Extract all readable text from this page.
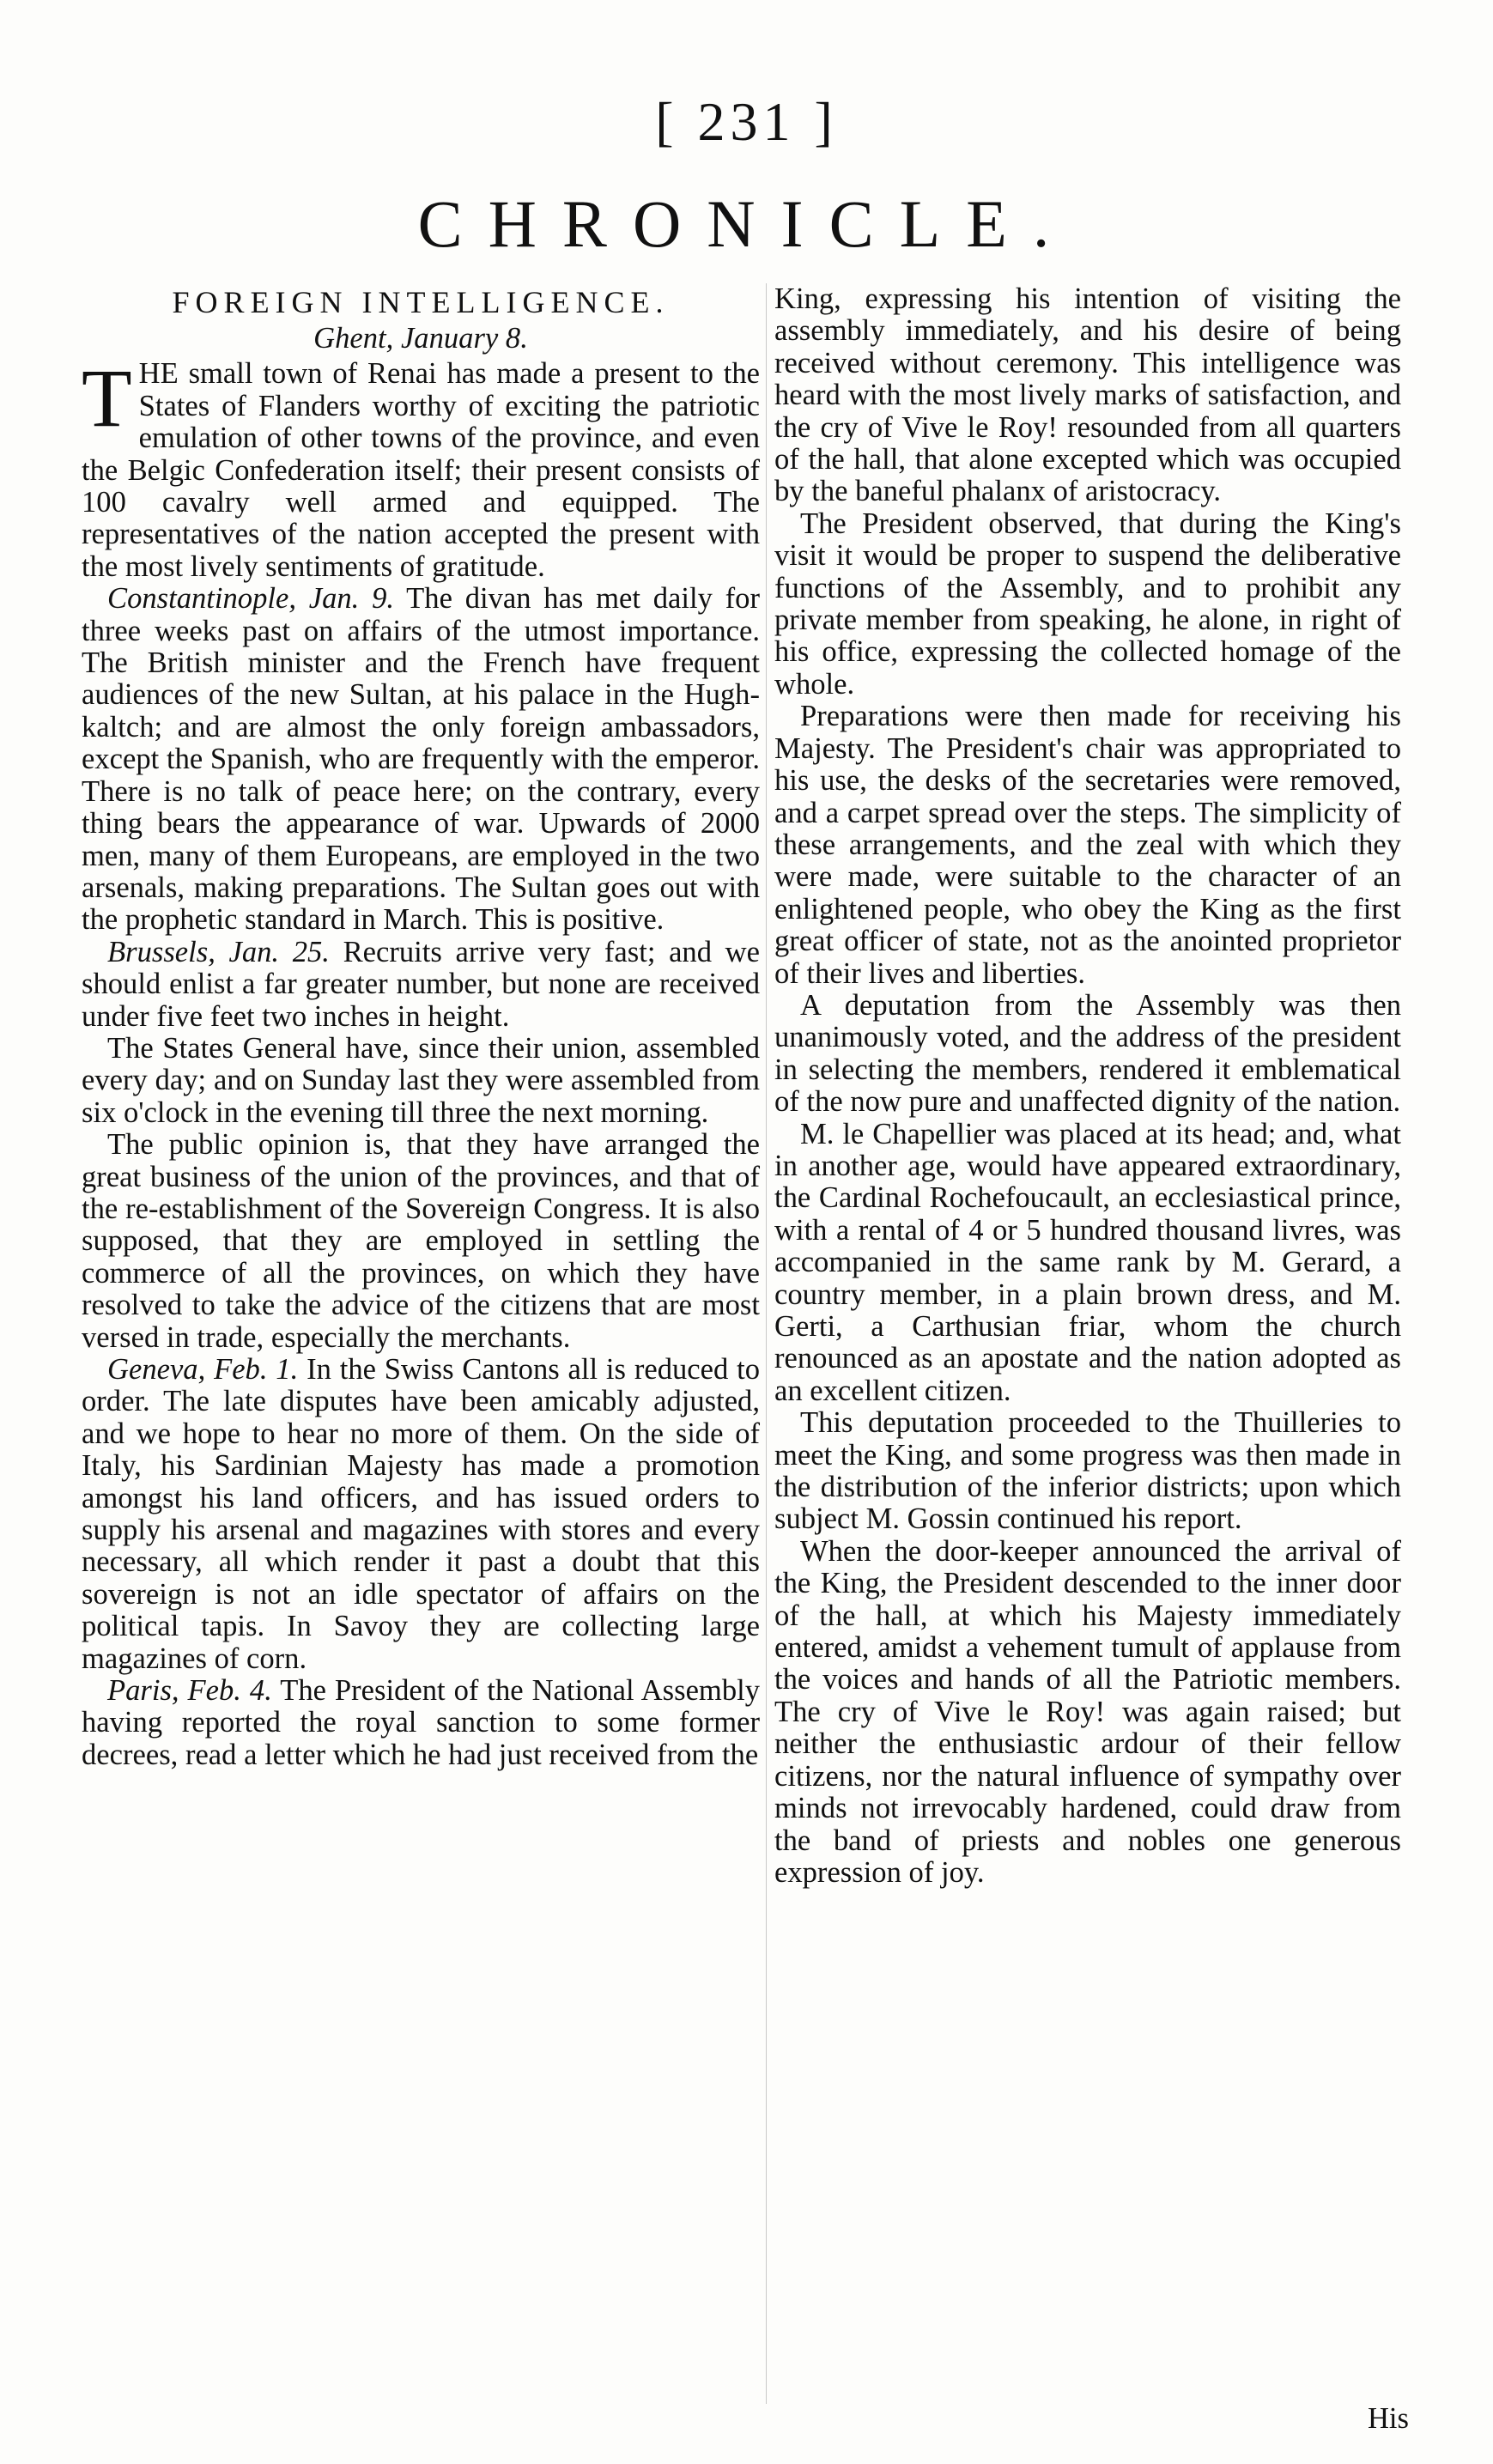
[ 231 ]
CHRONICLE.
FOREIGN INTELLIGENCE.
Ghent, January 8.

THE small town of Renai has made a present to the States of Flanders worthy of exciting the patriotic emulation of other towns of the province, and even the Belgic Confederation itself; their present consists of 100 cavalry well armed and equipped. The representatives of the nation accepted the present with the most lively sentiments of gratitude.

Constantinople, Jan. 9. The divan has met daily for three weeks past on affairs of the utmost importance. The British minister and the French have frequent audiences of the new Sultan, at his palace in the Hugh-kaltch; and are almost the only foreign ambassadors, except the Spanish, who are frequently with the emperor. There is no talk of peace here; on the contrary, every thing bears the appearance of war. Upwards of 2000 men, many of them Europeans, are employed in the two arsenals, making preparations. The Sultan goes out with the prophetic standard in March. This is positive.

Brussels, Jan. 25. Recruits arrive very fast; and we should enlist a far greater number, but none are received under five feet two inches in height.

The States General have, since their union, assembled every day; and on Sunday last they were assembled from six o'clock in the evening till three the next morning.

The public opinion is, that they have arranged the great business of the union of the provinces, and that of the re-establishment of the Sovereign Congress. It is also supposed, that they are employed in settling the commerce of all the provinces, on which they have resolved to take the advice of the citizens that are most versed in trade, especially the merchants.

Geneva, Feb. 1. In the Swiss Cantons all is reduced to order. The late disputes have been amicably adjusted, and we hope to hear no more of them. On the side of Italy, his Sardinian Majesty has made a promotion amongst his land officers, and has issued orders to supply his arsenal and magazines with stores and every necessary, all which render it past a doubt that this sovereign is not an idle spectator of affairs on the political tapis. In Savoy they are collecting large magazines of corn.

Paris, Feb. 4. The President of the National Assembly having reported the royal sanction to some former decrees, read a letter which he had just received from the

King, expressing his intention of visiting the assembly immediately, and his desire of being received without ceremony. This intelligence was heard with the most lively marks of satisfaction, and the cry of Vive le Roy! resounded from all quarters of the hall, that alone excepted which was occupied by the baneful phalanx of aristocracy.

The President observed, that during the King's visit it would be proper to suspend the deliberative functions of the Assembly, and to prohibit any private member from speaking, he alone, in right of his office, expressing the collected homage of the whole.

Preparations were then made for receiving his Majesty. The President's chair was appropriated to his use, the desks of the secretaries were removed, and a carpet spread over the steps. The simplicity of these arrangements, and the zeal with which they were made, were suitable to the character of an enlightened people, who obey the King as the first great officer of state, not as the anointed proprietor of their lives and liberties.

A deputation from the Assembly was then unanimously voted, and the address of the president in selecting the members, rendered it emblematical of the now pure and unaffected dignity of the nation.

M. le Chapellier was placed at its head; and, what in another age, would have appeared extraordinary, the Cardinal Rochefoucault, an ecclesiastical prince, with a rental of 4 or 5 hundred thousand livres, was accompanied in the same rank by M. Gerard, a country member, in a plain brown dress, and M. Gerti, a Carthusian friar, whom the church renounced as an apostate and the nation adopted as an excellent citizen.

This deputation proceeded to the Thuilleries to meet the King, and some progress was then made in the distribution of the inferior districts; upon which subject M. Gossin continued his report.

When the door-keeper announced the arrival of the King, the President descended to the inner door of the hall, at which his Majesty immediately entered, amidst a vehement tumult of applause from the voices and hands of all the Patriotic members. The cry of Vive le Roy! was again raised; but neither the enthusiastic ardour of their fellow citizens, nor the natural influence of sympathy over minds not irrevocably hardened, could draw from the band of priests and nobles one generous expression of joy.

His
